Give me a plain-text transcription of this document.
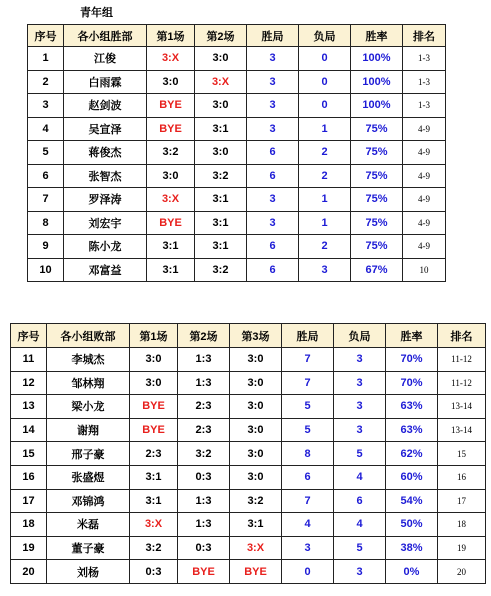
青年组
序号	各小组胜部	第1场	第2场	胜局	负局	胜率	排名
1	江俊	3:X	3:0	3	0	100%	1-3
2	白雨霖	3:0	3:X	3	0	100%	1-3
3	赵剑波	BYE	3:0	3	0	100%	1-3
4	吴宣泽	BYE	3:1	3	1	75%	4-9
5	蒋俊杰	3:2	3:0	6	2	75%	4-9
6	张智杰	3:0	3:2	6	2	75%	4-9
7	罗泽涛	3:X	3:1	3	1	75%	4-9
8	刘宏宇	BYE	3:1	3	1	75%	4-9
9	陈小龙	3:1	3:1	6	2	75%	4-9
10	邓富益	3:1	3:2	6	3	67%	10
序号	各小组败部	第1场	第2场	第3场	胜局	负局	胜率	排名
11	李城杰	3:0	1:3	3:0	7	3	70%	11-12
12	邹林翔	3:0	1:3	3:0	7	3	70%	11-12
13	梁小龙	BYE	2:3	3:0	5	3	63%	13-14
14	谢翔	BYE	2:3	3:0	5	3	63%	13-14
15	邢子豪	2:3	3:2	3:0	8	5	62%	15
16	张盛煜	3:1	0:3	3:0	6	4	60%	16
17	邓锦鸿	3:1	1:3	3:2	7	6	54%	17
18	米磊	3:X	1:3	3:1	4	4	50%	18
19	董子豪	3:2	0:3	3:X	3	5	38%	19
20	刘杨	0:3	BYE	BYE	0	3	0%	20
